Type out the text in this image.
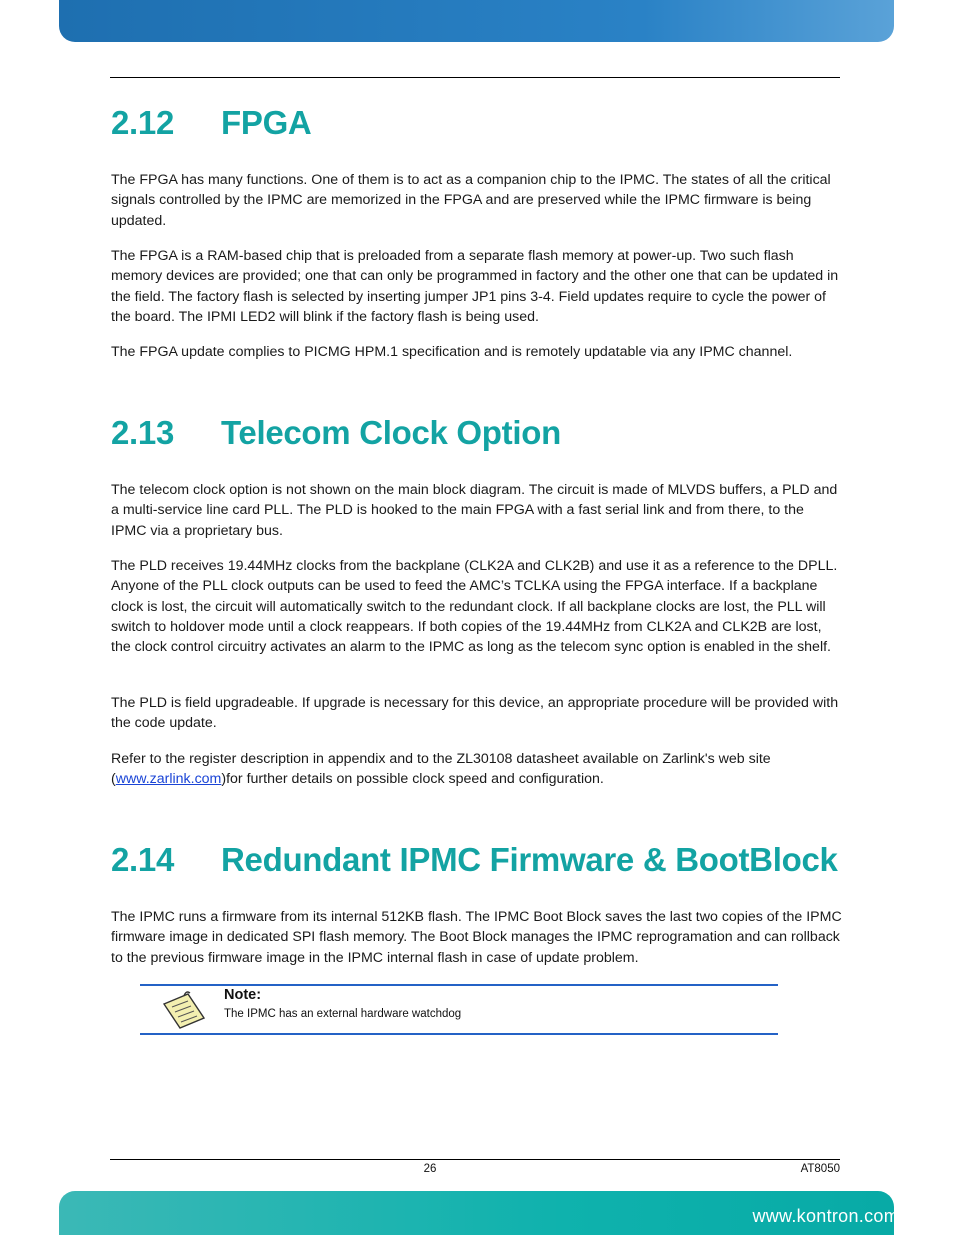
2.12 FPGA

The FPGA has many functions. One of them is to act as a companion chip to the IPMC. The states of all the critical signals controlled by the IPMC are memorized in the FPGA and are preserved while the IPMC firmware is being updated.

The FPGA is a RAM-based chip that is preloaded from a separate flash memory at power-up. Two such flash memory devices are provided; one that can only be programmed in factory and the other one that can be updated in the field. The factory flash is selected by inserting jumper JP1 pins 3-4. Field updates require to cycle the power of the board. The IPMI LED2 will blink if the factory flash is being used.

The FPGA update complies to PICMG HPM.1 specification and is remotely updatable via any IPMC channel.

2.13 Telecom Clock Option

The telecom clock option is not shown on the main block diagram. The circuit is made of MLVDS buffers, a PLD and a multi-service line card PLL. The PLD is hooked to the main FPGA with a fast serial link and from there, to the IPMC via a proprietary bus.

The PLD receives 19.44MHz clocks from the backplane (CLK2A and CLK2B) and use it as a reference to the DPLL. Anyone of the PLL clock outputs can be used to feed the AMC’s TCLKA using the FPGA interface. If a backplane clock is lost, the circuit will automatically switch to the redundant clock. If all backplane clocks are lost, the PLL will switch to holdover mode until a clock reappears. If both copies of the 19.44MHz from CLK2A and CLK2B are lost, the clock control circuitry activates an alarm to the IPMC as long as the telecom sync option is enabled in the shelf.

The PLD is field upgradeable. If upgrade is necessary for this device, an appropriate procedure will be provided with the code update.

Refer to the register description in appendix and to the ZL30108 datasheet available on Zarlink's web site (www.zarlink.com)for further details on possible clock speed and configuration.

2.14 Redundant IPMC Firmware & BootBlock

The IPMC runs a firmware from its internal 512KB flash. The IPMC Boot Block saves the last two copies of the IPMC firmware image in dedicated SPI flash memory. The Boot Block manages the IPMC reprogramation and can rollback to the previous firmware image in the IPMC internal flash in case of update problem.

Note:
The IPMC has an external hardware watchdog
26	AT8050
www.kontron.com
